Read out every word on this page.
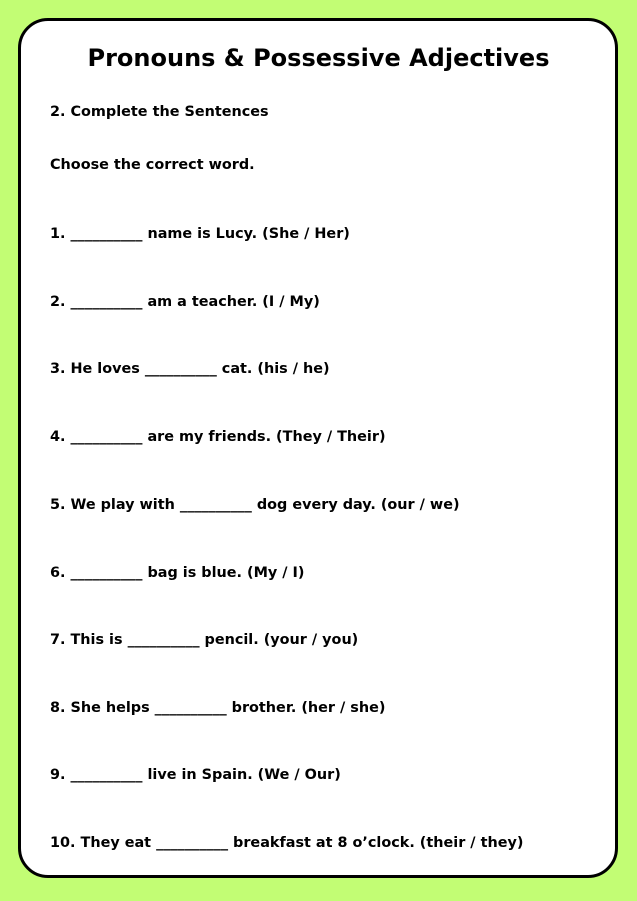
Pronouns & Possessive Adjectives

2. Complete the Sentences

Choose the correct word.

1. __________ name is Lucy. (She / Her)

2. __________ am a teacher. (I / My)

3. He loves __________ cat. (his / he)

4. __________ are my friends. (They / Their)

5. We play with __________ dog every day. (our / we)

6. __________ bag is blue. (My / I)

7. This is __________ pencil. (your / you)

8. She helps __________ brother. (her / she)

9. __________ live in Spain. (We / Our)

10. They eat __________ breakfast at 8 o’clock. (their / they)
